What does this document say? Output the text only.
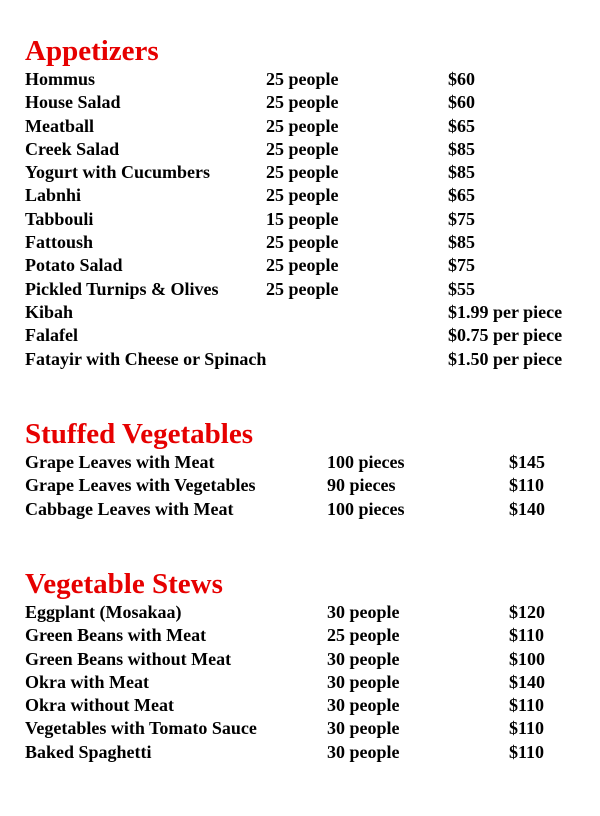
Appetizers
Hommus	25 people	$60
House Salad	25 people	$60
Meatball	25 people	$65
Creek Salad	25 people	$85
Yogurt with Cucumbers	25 people	$85
Labnhi	25 people	$65
Tabbouli	15 people	$75
Fattoush	25 people	$85
Potato Salad	25 people	$75
Pickled Turnips & Olives	25 people	$55
Kibah	$1.99 per piece
Falafel	$0.75 per piece
Fatayir with Cheese or Spinach	$1.50 per piece
Stuffed Vegetables
Grape Leaves with Meat	100 pieces	$145
Grape Leaves with Vegetables	90 pieces	$110
Cabbage Leaves with Meat	100 pieces	$140
Vegetable Stews
Eggplant (Mosakaa)	30 people	$120
Green Beans with Meat	25 people	$110
Green Beans without Meat	30 people	$100
Okra with Meat	30 people	$140
Okra without Meat	30 people	$110
Vegetables with Tomato Sauce	30 people	$110
Baked Spaghetti	30 people	$110
